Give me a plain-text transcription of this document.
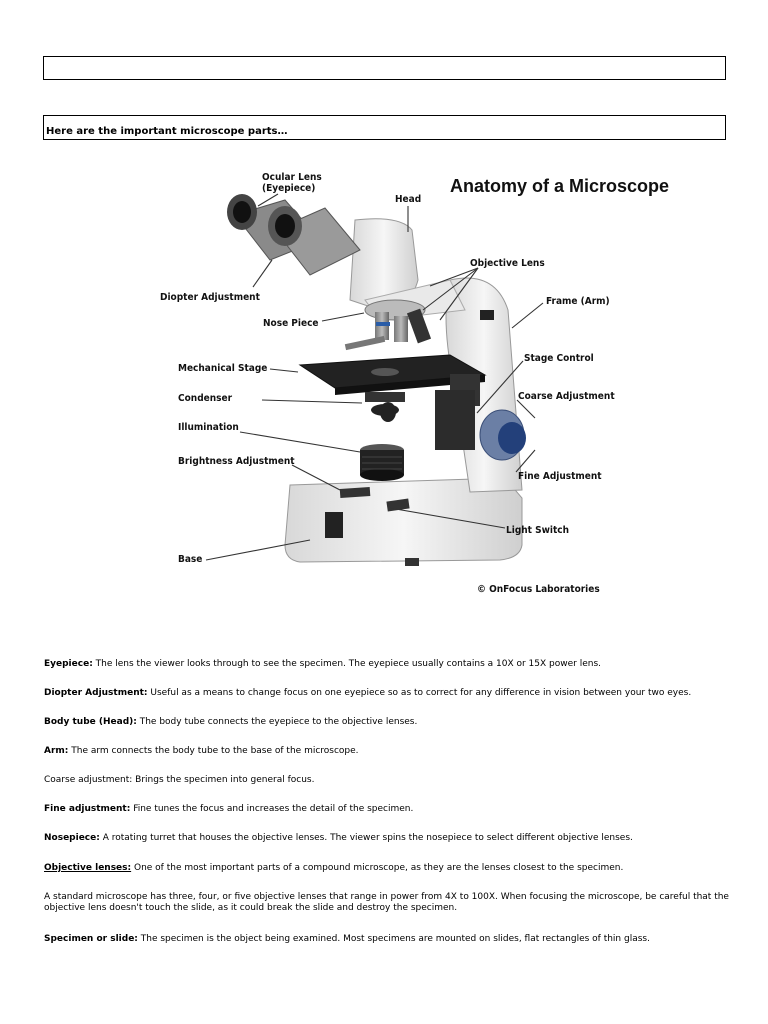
Here are the important microscope parts…
Anatomy of a Microscope
Ocular Lens
(Eyepiece)
Head
Diopter Adjustment
Objective Lens
Frame (Arm)
Nose Piece
Mechanical Stage
Stage Control
Condenser	Coarse Adjustment
Illumination
Brightness Adjustment
Fine Adjustment
Light Switch
Base
© OnFocus Laboratories
Eyepiece: The lens the viewer looks through to see the specimen. The eyepiece usually contains a 10X or 15X power lens.
Diopter Adjustment: Useful as a means to change focus on one eyepiece so as to correct for any difference in vision between your two eyes.
Body tube (Head): The body tube connects the eyepiece to the objective lenses.
Arm: The arm connects the body tube to the base of the microscope.
Coarse adjustment: Brings the specimen into general focus.
Fine adjustment: Fine tunes the focus and increases the detail of the specimen.
Nosepiece: A rotating turret that houses the objective lenses. The viewer spins the nosepiece to select different objective lenses.
Objective lenses: One of the most important parts of a compound microscope, as they are the lenses closest to the specimen.
A standard microscope has three, four, or five objective lenses that range in power from 4X to 100X. When focusing the microscope, be careful that the objective lens doesn't touch the slide, as it could break the slide and destroy the specimen.
Specimen or slide: The specimen is the object being examined. Most specimens are mounted on slides, flat rectangles of thin glass.
